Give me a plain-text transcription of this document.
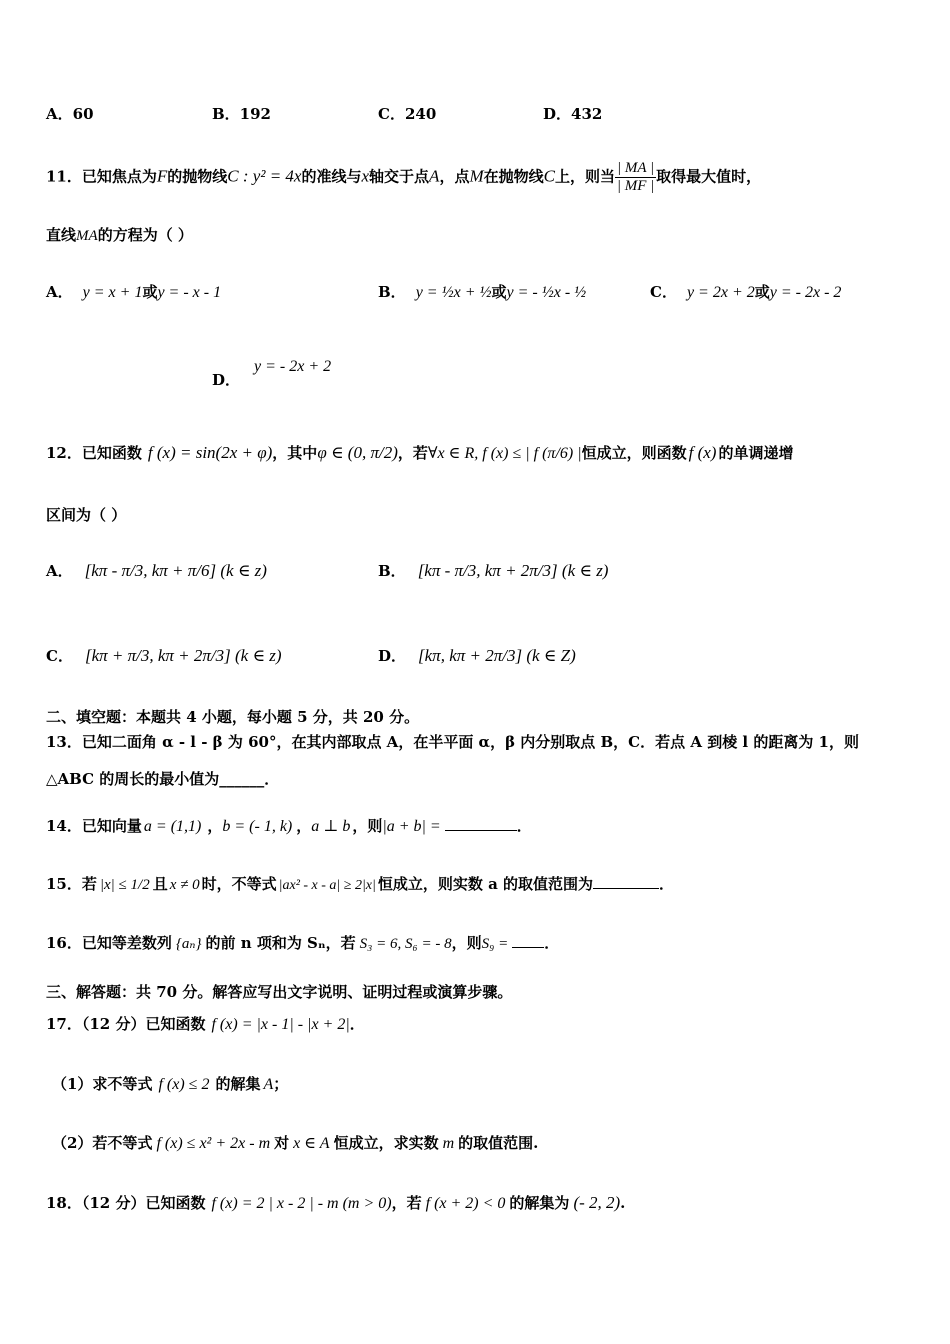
A．60	B．192	C．240	D．432
11．已知焦点为F的抛物线C : y² = 4x的准线与x轴交于点A，点M在抛物线C上，则当 $\frac{| MA |}{| MF |}$ 取得最大值时，
直线MA的方程为（ ）
A． y = x + 1或y = - x - 1	B． y = ½x + ½或y = - ½x - ½	C． y = 2x + 2或y = - 2x - 2
D．y = - 2x + 2
12．已知函数 f (x) = sin(2x + φ)，其中φ ∈ (0, π/2)，若∀x ∈ R, f (x) ≤ | f (π/6) |恒成立，则函数 f (x) 的单调递增
区间为（ ）
A． [kπ - π/3, kπ + π/6] (k ∈ z)	B． [kπ - π/3, kπ + 2π/3] (k ∈ z)
C． [kπ + π/3, kπ + 2π/3] (k ∈ z)	D． [kπ, kπ + 2π/3] (k ∈ Z)
二、填空题：本题共 4 小题，每小题 5 分，共 20 分。
13．已知二面角 α - l - β 为 60°，在其内部取点 A，在半平面 α，β 内分别取点 B，C．若点 A 到棱 l 的距离为 1，则
△ABC 的周长的最小值为______．
14．已知向量 a = (1,1) ，b = (- 1, k) ，a ⊥ b ，则|a + b| =	．
15．若 |x| ≤ 1/2 且 x ≠ 0 时，不等式 |ax² - x - a| ≥ 2|x| 恒成立，则实数 a 的取值范围为	．
16．已知等差数列 {aₙ} 的前 n 项和为 Sₙ，若 S₃ = 6, S₆ = - 8，则S₉ = ．
三、解答题：共 70 分。解答应写出文字说明、证明过程或演算步骤。
17．（12 分）已知函数 f (x) = |x - 1| - |x + 2|．
（1）求不等式 f (x) ≤ 2 的解集 A；
（2）若不等式 f (x) ≤ x² + 2x - m 对 x ∈ A 恒成立，求实数 m 的取值范围.
18．（12 分）已知函数 f (x) = 2 | x - 2 | - m (m > 0)，若 f (x + 2) < 0 的解集为 (- 2, 2).
